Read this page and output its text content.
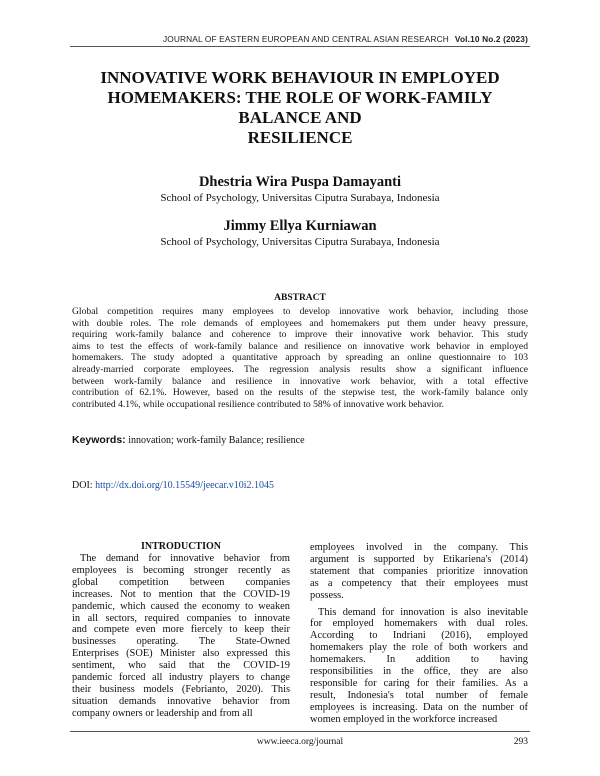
JOURNAL OF EASTERN EUROPEAN AND CENTRAL ASIAN RESEARCH Vol.10 No.2 (2023)
INNOVATIVE WORK BEHAVIOUR IN EMPLOYED
HOMEMAKERS: THE ROLE OF WORK-FAMILY BALANCE AND
RESILIENCE
Dhestria Wira Puspa Damayanti
School of Psychology, Universitas Ciputra Surabaya, Indonesia
Jimmy Ellya Kurniawan
School of Psychology, Universitas Ciputra Surabaya, Indonesia
ABSTRACT
Global competition requires many employees to develop innovative work behavior, including those
with double roles. The role demands of employees and homemakers put them under heavy pressure,
requiring work-family balance and coherence to improve their innovative work behavior. This study
aims to test the effects of work-family balance and resilience on innovative work behavior in employed
homemakers. The study adopted a quantitative approach by spreading an online questionnaire to 103
already-married corporate employees. The regression analysis results show a significant influence
between work-family balance and resilience in innovative work behavior, with a total effective
contribution of 62.1%. However, based on the results of the stepwise test, the work-family balance only
contributed 4.1%, while occupational resilience contributed to 58% of innovative work behavior.
Keywords: innovation; work-family Balance; resilience
DOI: http://dx.doi.org/10.15549/jeecar.v10i2.1045
INTRODUCTION
The demand for innovative behavior from
employees is becoming stronger recently as
global competition between companies
increases. Not to mention that the COVID-19
pandemic, which caused the economy to weaken
in all sectors, required companies to innovate
and compete even more fiercely to keep their
businesses operating. The State-Owned
Enterprises (SOE) Minister also expressed this
sentiment, who said that the COVID-19
pandemic forced all industry players to change
their business models (Febrianto, 2020). This
situation demands innovative behavior from
company owners or leadership and from all
employees involved in the company. This
argument is supported by Etikariena's (2014)
statement that companies prioritize innovation
as a competency that their employees must
possess.
This demand for innovation is also inevitable
for employed homemakers with dual roles.
According to Indriani (2016), employed
homemakers play the role of both workers and
homemakers. In addition to having
responsibilities in the office, they are also
responsible for caring for their families. As a
result, Indonesia's total number of female
employees is increasing. Data on the number of
women employed in the workforce increased
www.ieeca.org/journal	293
